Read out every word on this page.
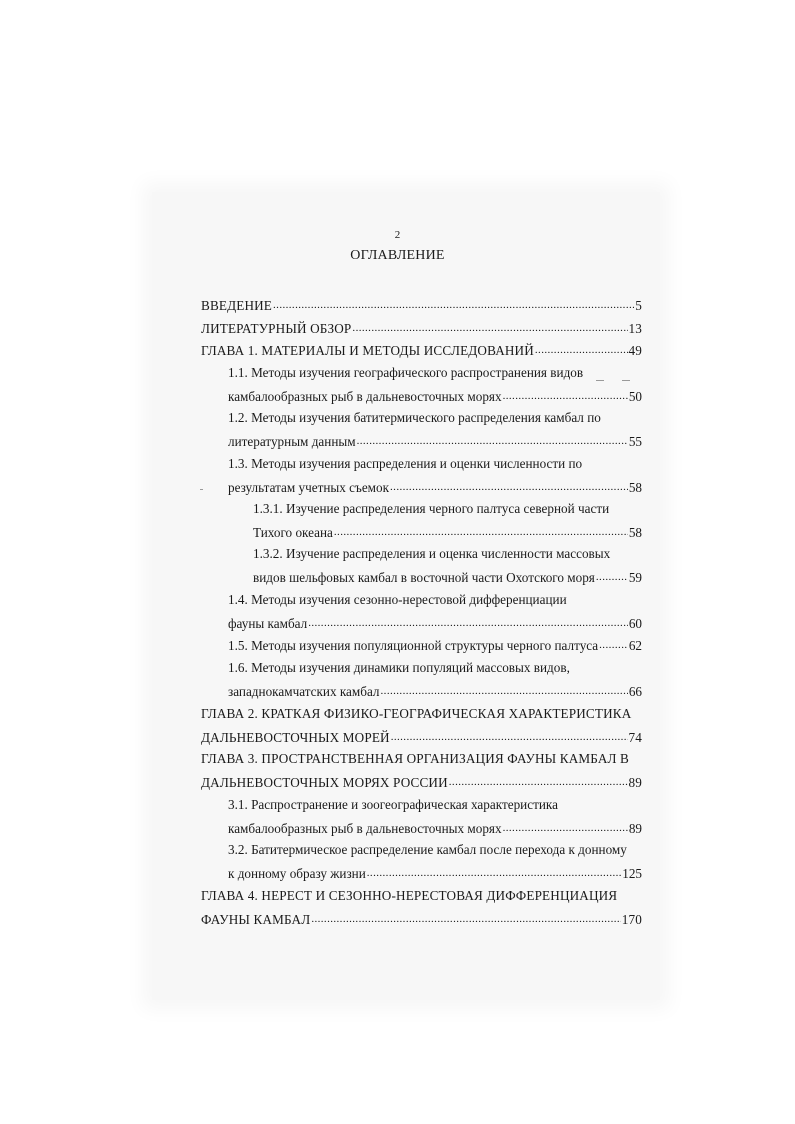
2
ОГЛАВЛЕНИЕ
ВВЕДЕНИЕ .....	5
ЛИТЕРАТУРНЫЙ ОБЗОР .....	13
ГЛАВА 1. МАТЕРИАЛЫ И МЕТОДЫ ИССЛЕДОВАНИЙ .....	49
1.1. Методы изучения географического распространения видов
камбалообразных рыб в дальневосточных морях .....	50
1.2. Методы изучения батитермического распределения камбал по
литературным данным .....	55
1.3. Методы изучения распределения и оценки численности по
результатам учетных съемок .....	58
1.3.1. Изучение распределения черного палтуса северной части
Тихого океана .....	58
1.3.2. Изучение распределения и оценка численности массовых
видов шельфовых камбал в восточной части Охотского моря .....	59
1.4. Методы изучения сезонно-нерестовой дифференциации
фауны камбал .....	60
1.5. Методы изучения популяционной структуры черного палтуса ..... 62
1.6. Методы изучения динамики популяций массовых видов,
западнокамчатских камбал .....	66
ГЛАВА 2. КРАТКАЯ ФИЗИКО-ГЕОГРАФИЧЕСКАЯ ХАРАКТЕРИСТИКА
ДАЛЬНЕВОСТОЧНЫХ МОРЕЙ .....	74
ГЛАВА 3. ПРОСТРАНСТВЕННАЯ ОРГАНИЗАЦИЯ ФАУНЫ КАМБАЛ В
ДАЛЬНЕВОСТОЧНЫХ МОРЯХ РОССИИ .....	89
3.1. Распространение и зоогеографическая характеристика
камбалообразных рыб в дальневосточных морях .....	89
3.2. Батитермическое распределение камбал после перехода к донному
к донному образу жизни .....	125
ГЛАВА 4. НЕРЕСТ И СЕЗОННО-НЕРЕСТОВАЯ ДИФФЕРЕНЦИАЦИЯ
ФАУНЫ КАМБАЛ .....	170
